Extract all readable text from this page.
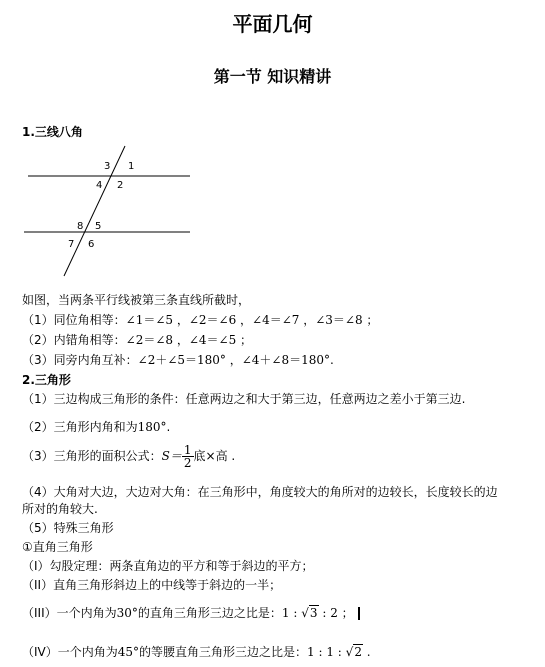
平面几何
第一节 知识精讲
1.三线八角
3 1
4 2
8 5
7 6
如图，当两条平行线被第三条直线所截时，
（1）同位角相等：∠1＝∠5 ，∠2＝∠6 ，∠4＝∠7 ，∠3＝∠8 ；
（2）内错角相等：∠2＝∠8 ，∠4＝∠5 ；
（3）同旁内角互补：∠2＋∠5＝180° ，∠4＋∠8＝180°.
2.三角形
（1）三边构成三角形的条件：任意两边之和大于第三边，任意两边之差小于第三边.
（2）三角形内角和为180°.
（3）三角形的面积公式：$S= \frac{1}{2}$ 底×高 .
（4）大角对大边，大边对大角：在三角形中，角度较大的角所对的边较长，长度较长的边
所对的角较大.
（5）特殊三角形
①直角三角形
（I）勾股定理：两条直角边的平方和等于斜边的平方；
（II）直角三角形斜边上的中线等于斜边的一半；
（III）一个内角为30°的直角三角形三边之比是：1 : √3 : 2 ；
（IV）一个内角为45°的等腰直角三角形三边之比是：1 : 1 : √2 .
